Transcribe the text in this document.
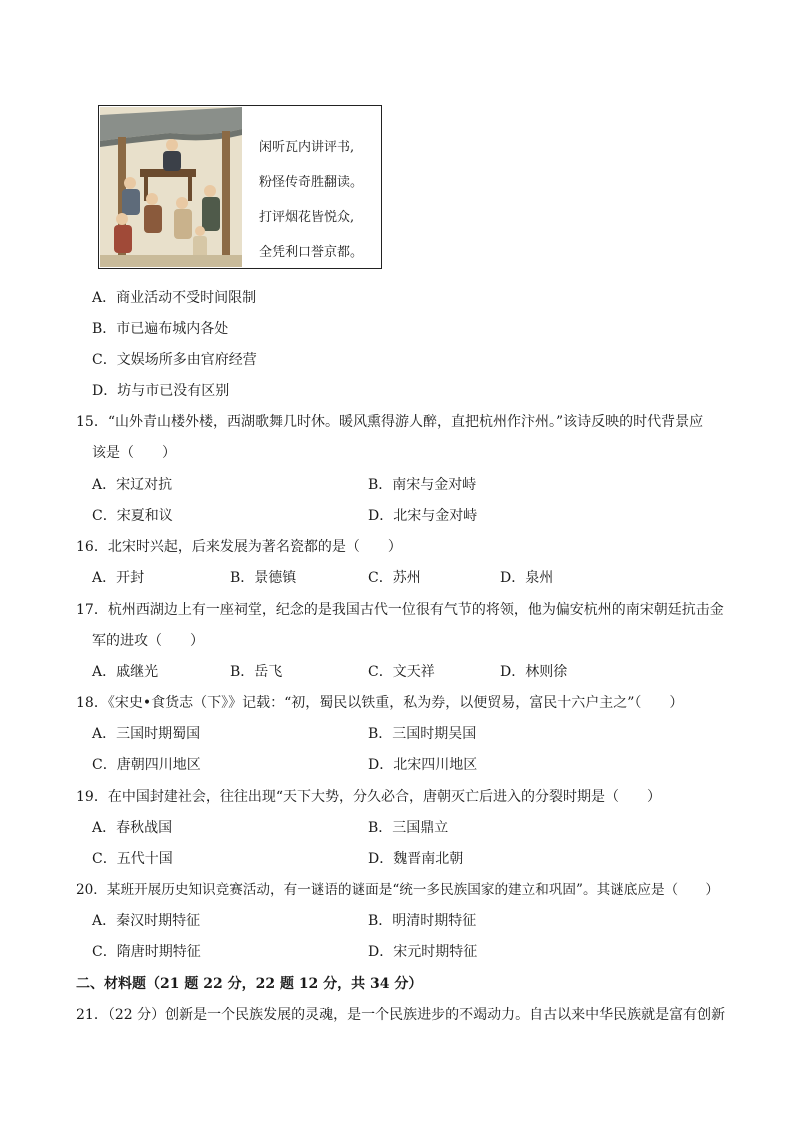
闲听瓦内讲评书,
粉怪传奇胜翻读。
打评烟花皆悦众,
全凭利口誉京都。
A．商业活动不受时间限制
B．市已遍布城内各处
C．文娱场所多由官府经营
D．坊与市已没有区别
15．“山外青山楼外楼，西湖歌舞几时休。暖风熏得游人醉，直把杭州作汴州。”该诗反映的时代背景应
该是（　　）
A．宋辽对抗	B．南宋与金对峙
C．宋夏和议	D．北宋与金对峙
16．北宋时兴起，后来发展为著名瓷都的是（　　）
A．开封	B．景德镇	C．苏州	D．泉州
17．杭州西湖边上有一座祠堂，纪念的是我国古代一位很有气节的将领，他为偏安杭州的南宋朝廷抗击金
军的进攻（　　）
A．戚继光	B．岳飞	C．文天祥	D．林则徐
18．《宋史•食货志（下》》记载：“初，蜀民以铁重，私为券，以便贸易，富民十六户主之”（　　）
A．三国时期蜀国	B．三国时期吴国
C．唐朝四川地区	D．北宋四川地区
19．在中国封建社会，往往出现“天下大势，分久必合，唐朝灭亡后进入的分裂时期是（　　）
A．春秋战国	B．三国鼎立
C．五代十国	D．魏晋南北朝
20．某班开展历史知识竞赛活动，有一谜语的谜面是“统一多民族国家的建立和巩固”。其谜底应是（　　）
A．秦汉时期特征	B．明清时期特征
C．隋唐时期特征	D．宋元时期特征
二、材料题（21 题 22 分，22 题 12 分，共 34 分）
21．（22 分）创新是一个民族发展的灵魂，是一个民族进步的不竭动力。自古以来中华民族就是富有创新
